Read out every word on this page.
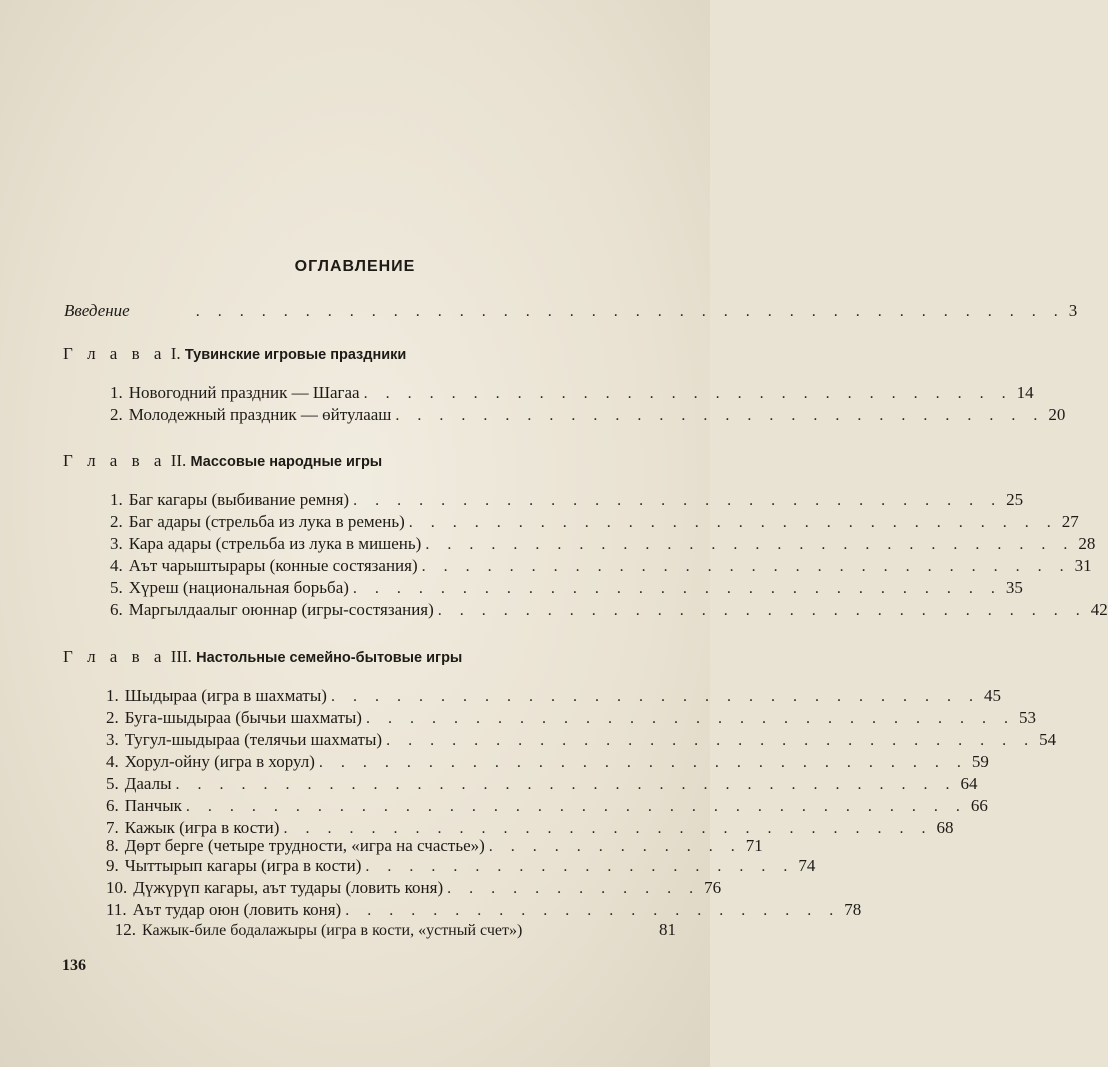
ОГЛАВЛЕНИЕ
Введение	. . . . . . . . . . . . . . . . . . . . . . . . . . . . . . . . . . . . . . . . 3
Г л а в а I. Тувинские игровые праздники
1. Новогодний праздник — Шагаа . . . . . . . . . . . . . . . . . . . . . . . . . . . . . . 14
2. Молодежный праздник — өйтулааш . . . . . . . . . . . . . . . . . . . . . . . . . . . . . . 20
Г л а в а II. Массовые народные игры
1. Баг кагары (выбивание ремня) . . . . . . . . . . . . . . . . . . . . . . . . . . . . . . 25
2. Баг адары (стрельба из лука в ремень) . . . . . . . . . . . . . . . . . . . . . . . . . . . . . . 27
3. Кара адары (стрельба из лука в мишень) . . . . . . . . . . . . . . . . . . . . . . . . . . . . . . 28
4. Аът чарыштырары (конные состязания) . . . . . . . . . . . . . . . . . . . . . . . . . . . . . . 31
5. Хүреш (национальная борьба) . . . . . . . . . . . . . . . . . . . . . . . . . . . . . . 35
6. Маргылдаалыг оюннар (игры-состязания) . . . . . . . . . . . . . . . . . . . . . . . . . . . . . . 42
Г л а в а III. Настольные семейно-бытовые игры
1. Шыдыраа (игра в шахматы) . . . . . . . . . . . . . . . . . . . . . . . . . . . . . . 45
2. Буга-шыдыраа (бычьи шахматы) . . . . . . . . . . . . . . . . . . . . . . . . . . . . . . 53
3. Тугул-шыдыраа (телячьи шахматы) . . . . . . . . . . . . . . . . . . . . . . . . . . . . . . 54
4. Хорул-ойну (игра в хорул) . . . . . . . . . . . . . . . . . . . . . . . . . . . . . . 59
5. Даалы . . . . . . . . . . . . . . . . . . . . . . . . . . . . . . . . . . . . 64
6. Панчык . . . . . . . . . . . . . . . . . . . . . . . . . . . . . . . . . . . . 66
7. Кажык (игра в кости) . . . . . . . . . . . . . . . . . . . . . . . . . . . . . . 68
8. Дөрт берге (четыре трудности, «игра на счастье») . . . . . . . . . . . . 71
9. Чыттырып кагары (игра в кости) . . . . . . . . . . . . . . . . . . . . 74
10. Дүжүрүп кагары, аът тудары (ловить коня) . . . . . . . . . . . . 76
11. Аът тудар оюн (ловить коня) . . . . . . . . . . . . . . . . . . . . . . . 78
12. Кажык-биле бодалажыры (игра в кости, «устный счет»)	81
136
